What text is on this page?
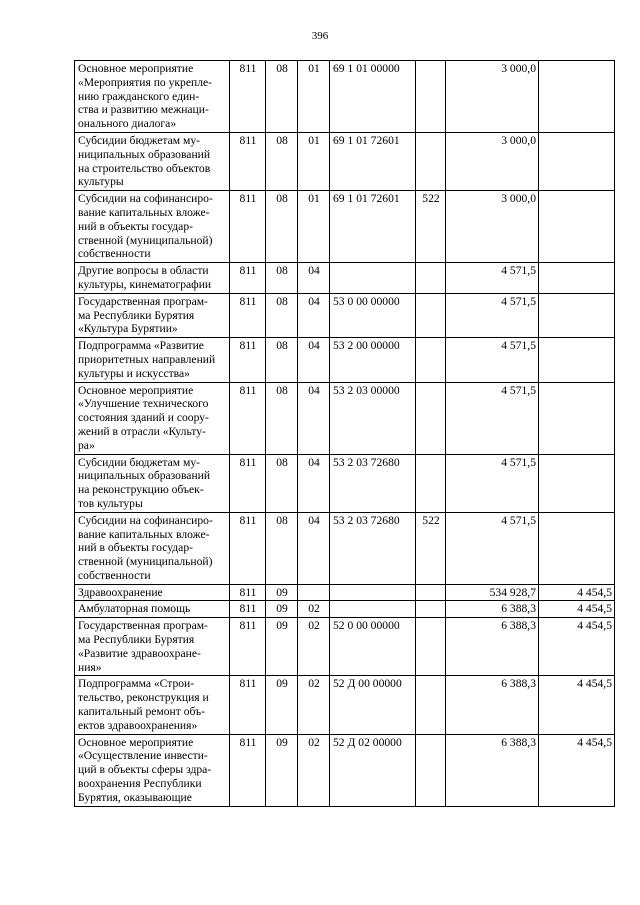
396
Основное мероприятие
«Мероприятия по укрепле-
нию гражданского един-
ства и развитию межнаци-
онального диалога»	811	08	01	69 1 01 00000		3 000,0	
Субсидии бюджетам му-
ниципальных образований
на строительство объектов
культуры	811	08	01	69 1 01 72601		3 000,0	
Субсидии на софинансиро-
вание капитальных вложе-
ний в объекты государ-
ственной (муниципальной)
собственности	811	08	01	69 1 01 72601	522	3 000,0	
Другие вопросы в области
культуры, кинематографии	811	08	04			4 571,5	
Государственная програм-
ма Республики Бурятия
«Культура Бурятии»	811	08	04	53 0 00 00000		4 571,5	
Подпрограмма «Развитие
приоритетных направлений
культуры и искусства»	811	08	04	53 2 00 00000		4 571,5	
Основное мероприятие
«Улучшение технического
состояния зданий и соору-
жений в отрасли «Культу-
ра»	811	08	04	53 2 03 00000		4 571,5	
Субсидии бюджетам му-
ниципальных образований
на реконструкцию объек-
тов культуры	811	08	04	53 2 03 72680		4 571,5	
Субсидии на софинансиро-
вание капитальных вложе-
ний в объекты государ-
ственной (муниципальной)
собственности	811	08	04	53 2 03 72680	522	4 571,5	
Здравоохранение	811	09				534 928,7	4 454,5
Амбулаторная помощь	811	09	02			6 388,3	4 454,5
Государственная програм-
ма Республики Бурятия
«Развитие здравоохране-
ния»	811	09	02	52 0 00 00000		6 388,3	4 454,5
Подпрограмма «Строи-
тельство, реконструкция и
капитальный ремонт объ-
ектов здравоохранения»	811	09	02	52 Д 00 00000		6 388,3	4 454,5
Основное мероприятие
«Осуществление инвести-
ций в объекты сферы здра-
воохранения Республики
Бурятия, оказывающие	811	09	02	52 Д 02 00000		6 388,3	4 454,5
